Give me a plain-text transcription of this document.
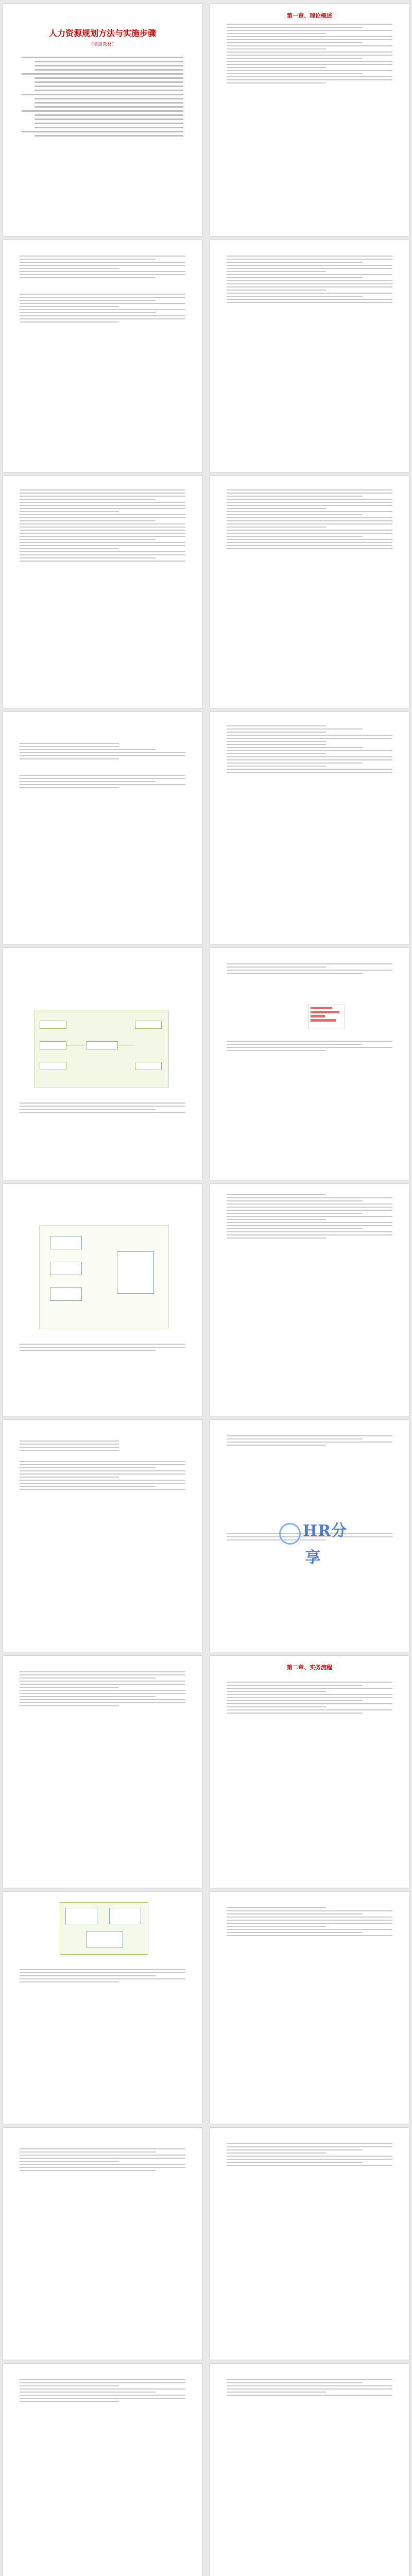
人力资源规划方法与实施步骤
（培训教材）
第一章、理论概述
HR分享
第二章、实务流程
